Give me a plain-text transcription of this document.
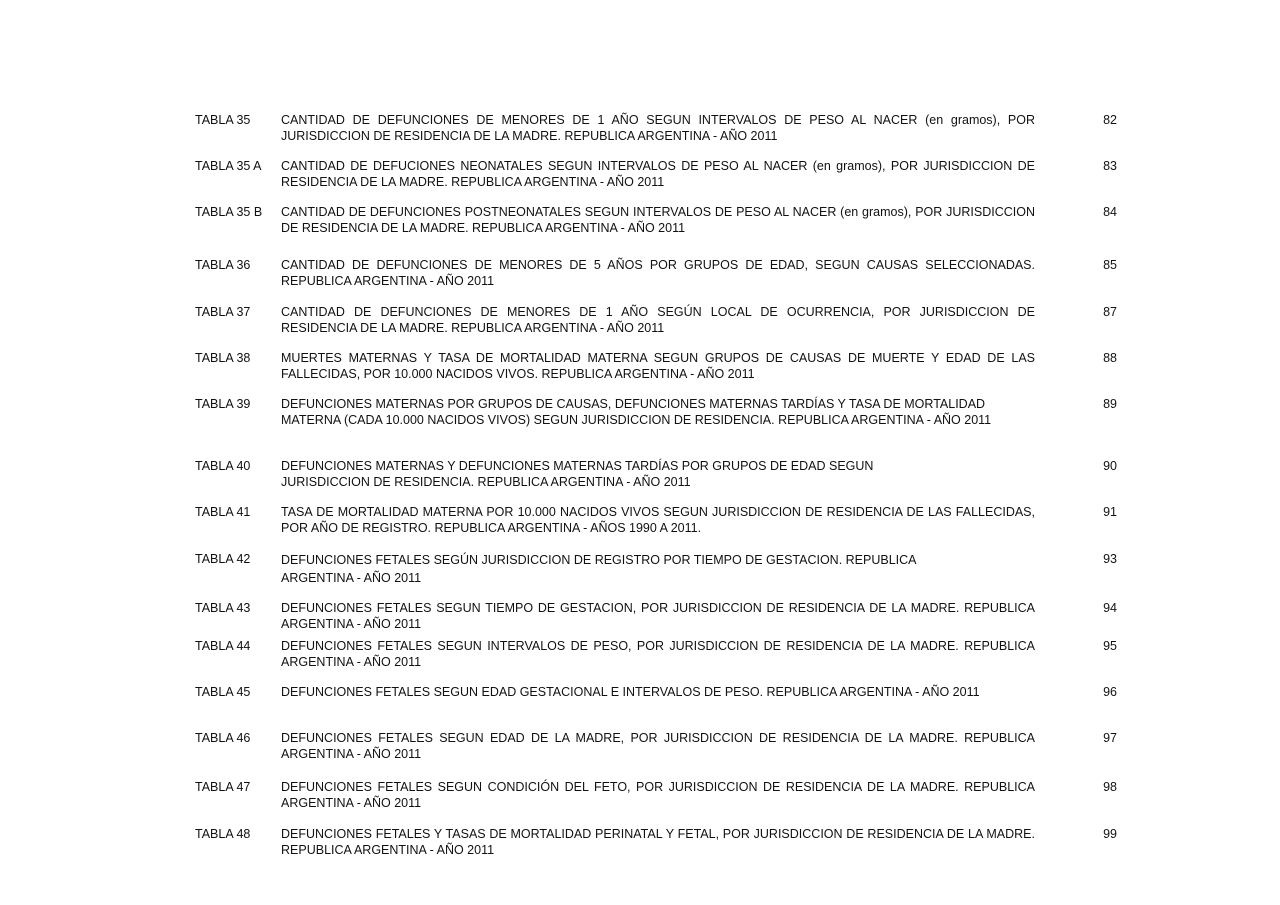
TABLA 35 CANTIDAD DE DEFUNCIONES DE MENORES DE 1 AÑO SEGUN INTERVALOS DE PESO AL NACER (en gramos), POR JURISDICCION DE RESIDENCIA DE LA MADRE. REPUBLICA ARGENTINA - AÑO 2011
82
TABLA 35 A CANTIDAD DE DEFUCIONES NEONATALES SEGUN INTERVALOS DE PESO AL NACER (en gramos), POR JURISDICCION DE RESIDENCIA DE LA MADRE. REPUBLICA ARGENTINA - AÑO 2011
83
TABLA 35 B CANTIDAD DE DEFUNCIONES POSTNEONATALES SEGUN INTERVALOS DE PESO AL NACER (en gramos), POR JURISDICCION DE RESIDENCIA DE LA MADRE. REPUBLICA ARGENTINA - AÑO 2011
84
TABLA 36 CANTIDAD DE DEFUNCIONES DE MENORES DE 5 AÑOS POR GRUPOS DE EDAD, SEGUN CAUSAS SELECCIONADAS. REPUBLICA ARGENTINA - AÑO 2011
85
TABLA 37 CANTIDAD DE DEFUNCIONES DE MENORES DE 1 AÑO SEGÚN LOCAL DE OCURRENCIA, POR JURISDICCION DE RESIDENCIA DE LA MADRE. REPUBLICA ARGENTINA - AÑO 2011
87
TABLA 38 MUERTES MATERNAS Y TASA DE MORTALIDAD MATERNA SEGUN GRUPOS DE CAUSAS DE MUERTE Y EDAD DE LAS FALLECIDAS, POR 10.000 NACIDOS VIVOS. REPUBLICA ARGENTINA - AÑO 2011
88
TABLA 39 DEFUNCIONES MATERNAS POR GRUPOS DE CAUSAS, DEFUNCIONES MATERNAS TARDÍAS Y TASA DE MORTALIDAD MATERNA (CADA 10.000 NACIDOS VIVOS) SEGUN JURISDICCION DE RESIDENCIA. REPUBLICA ARGENTINA - AÑO 2011
89
TABLA 40 DEFUNCIONES MATERNAS Y DEFUNCIONES MATERNAS TARDÍAS POR GRUPOS DE EDAD SEGUN JURISDICCION DE RESIDENCIA. REPUBLICA ARGENTINA - AÑO 2011
90
TABLA 41 TASA DE MORTALIDAD MATERNA POR 10.000 NACIDOS VIVOS SEGUN JURISDICCION DE RESIDENCIA DE LAS FALLECIDAS, POR AÑO DE REGISTRO. REPUBLICA ARGENTINA - AÑOS 1990 A 2011.
91
TABLA 42 DEFUNCIONES FETALES SEGÚN JURISDICCION DE REGISTRO POR TIEMPO DE GESTACION. REPUBLICA ARGENTINA - AÑO 2011
93
TABLA 43 DEFUNCIONES FETALES SEGUN TIEMPO DE GESTACION, POR JURISDICCION DE RESIDENCIA DE LA MADRE. REPUBLICA ARGENTINA - AÑO 2011
94
TABLA 44 DEFUNCIONES FETALES SEGUN INTERVALOS DE PESO, POR JURISDICCION DE RESIDENCIA DE LA MADRE. REPUBLICA ARGENTINA - AÑO 2011
95
TABLA 45 DEFUNCIONES FETALES SEGUN EDAD GESTACIONAL E INTERVALOS DE PESO. REPUBLICA ARGENTINA - AÑO 2011	96
TABLA 46 DEFUNCIONES FETALES SEGUN EDAD DE LA MADRE, POR JURISDICCION DE RESIDENCIA DE LA MADRE. REPUBLICA ARGENTINA - AÑO 2011
97
TABLA 47 DEFUNCIONES FETALES SEGUN CONDICIÓN DEL FETO, POR JURISDICCION DE RESIDENCIA DE LA MADRE. REPUBLICA ARGENTINA - AÑO 2011
98
TABLA 48 DEFUNCIONES FETALES Y TASAS DE MORTALIDAD PERINATAL Y FETAL, POR JURISDICCION DE RESIDENCIA DE LA MADRE. REPUBLICA ARGENTINA - AÑO 2011
99
